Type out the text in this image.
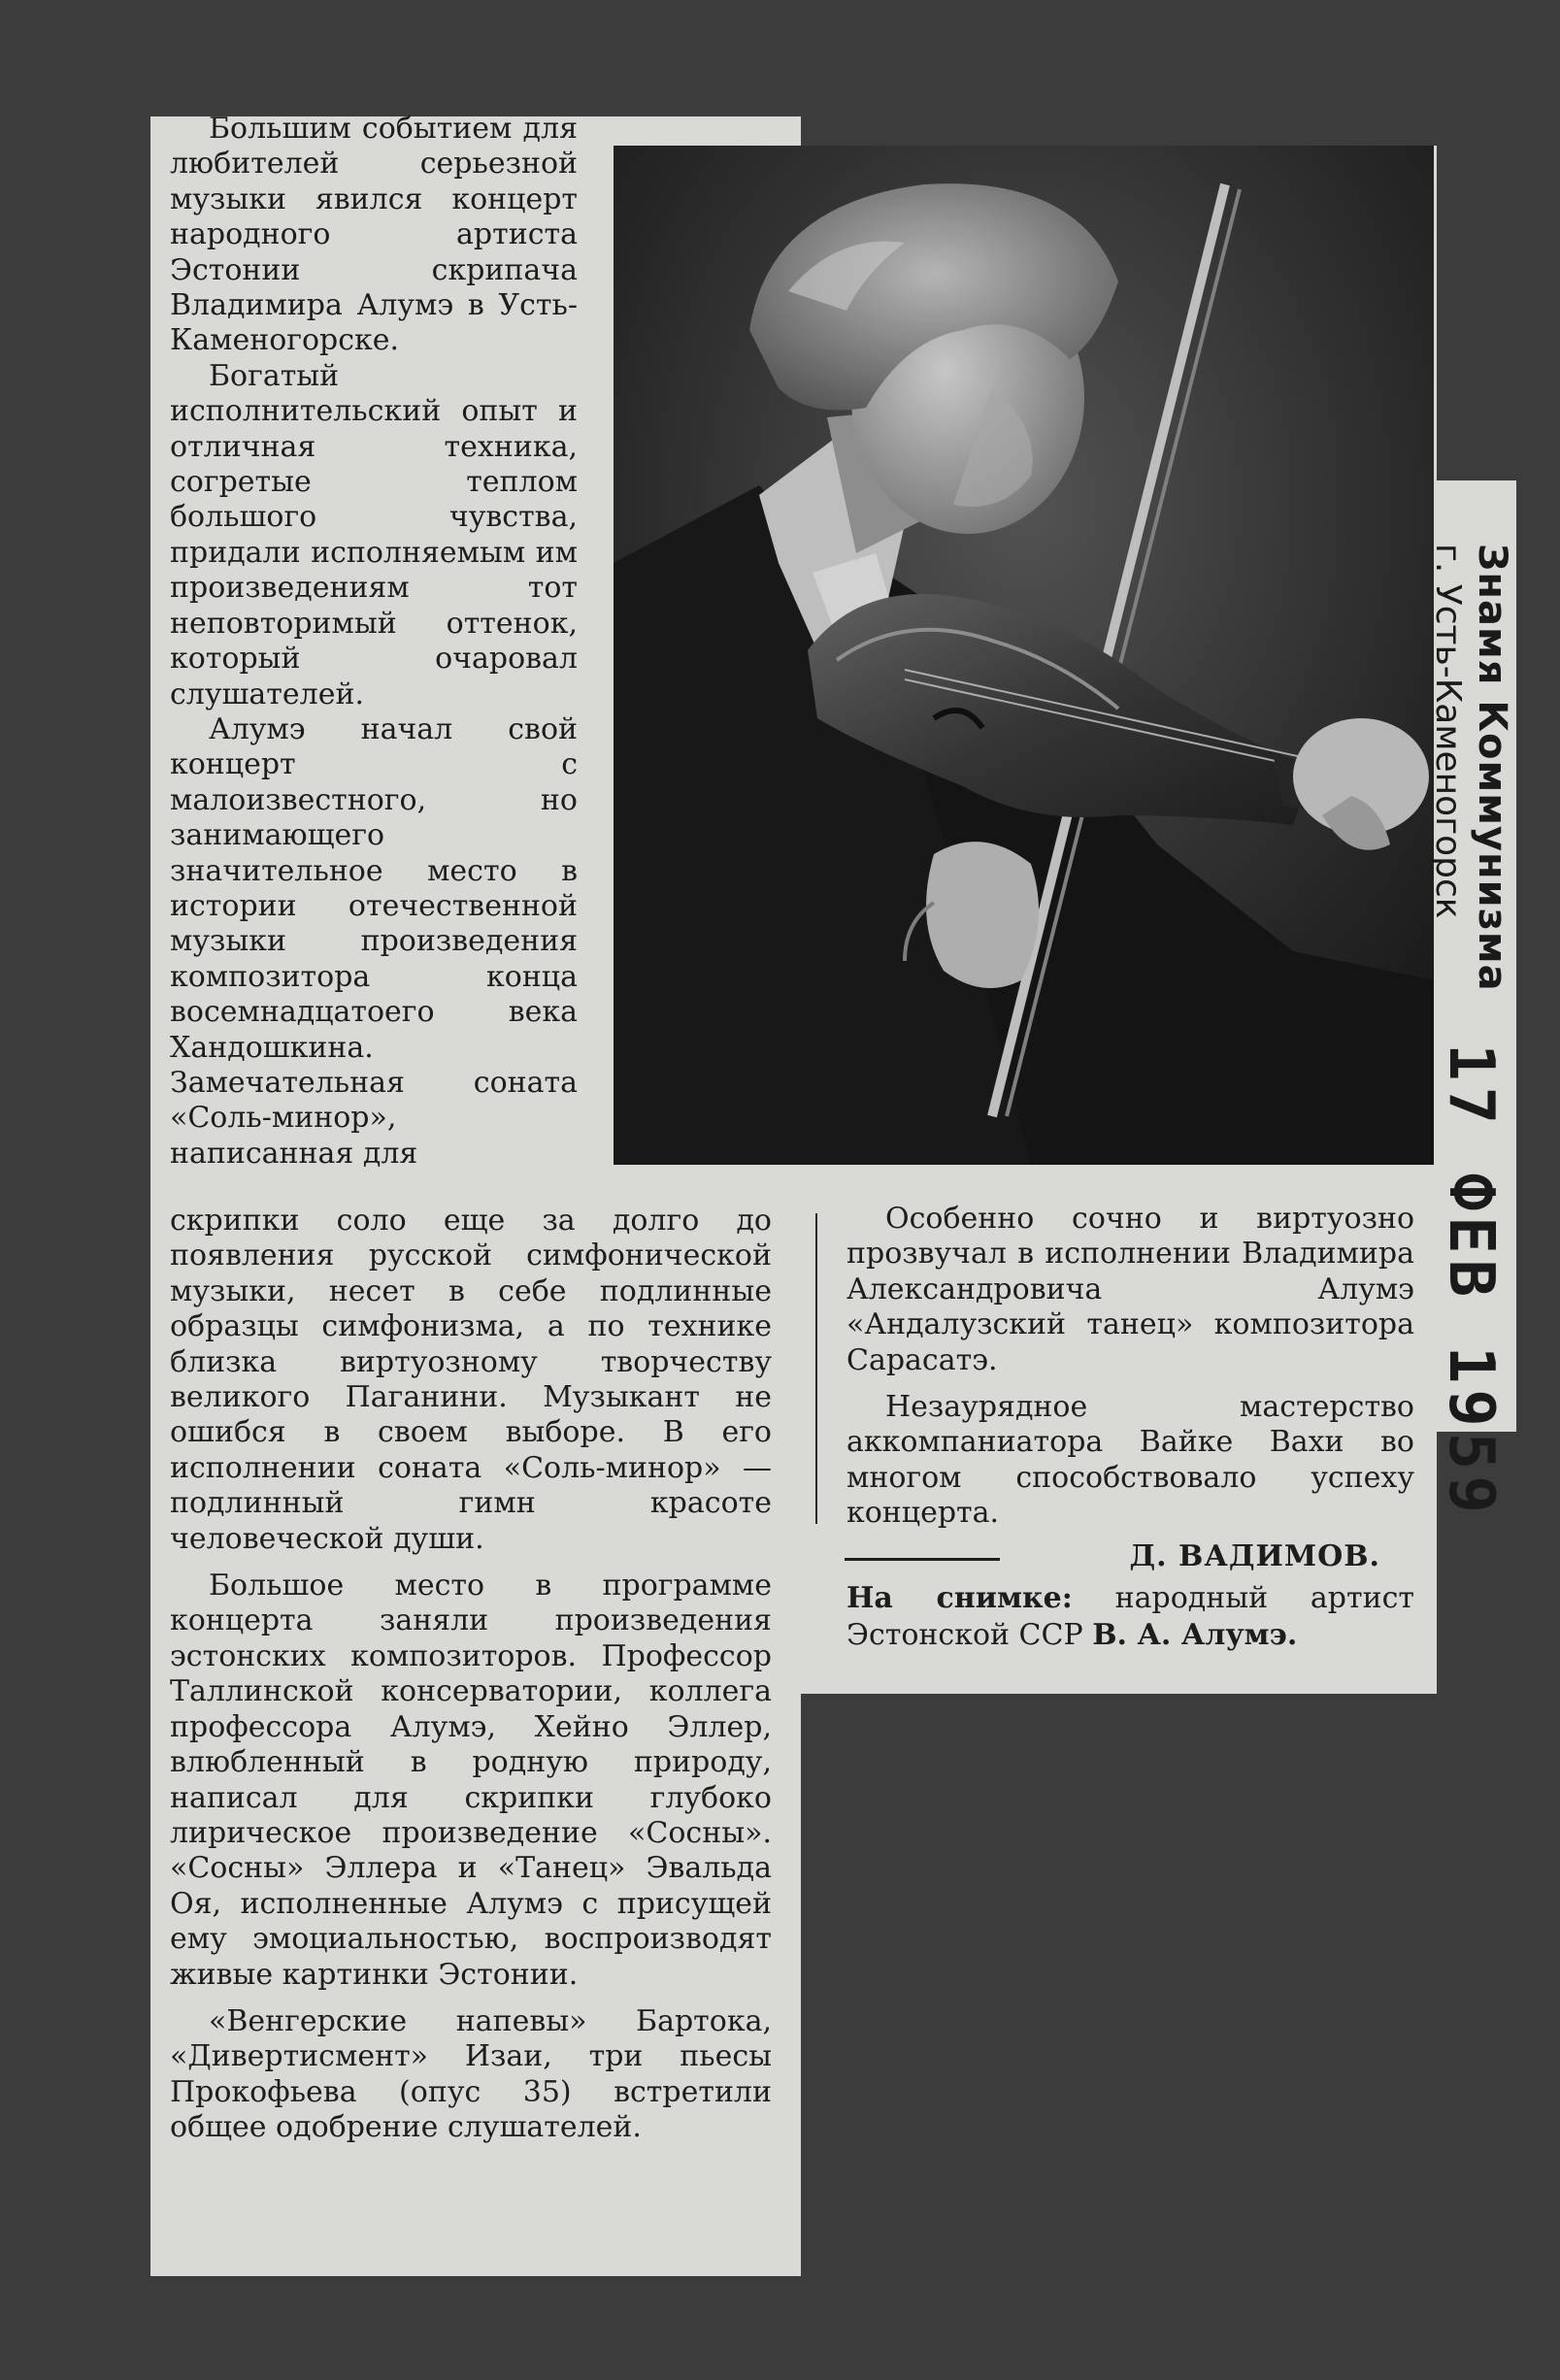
Большим событием для любителей серьезной музыки явился концерт народного артиста Эстонии скрипача Владимира Алумэ в Усть-Каменогорске.

Богатый исполнительский опыт и отличная техника, согретые теплом большого чувства, придали исполняемым им произведениям тот неповторимый оттенок, который очаровал слушателей.

Алумэ начал свой концерт с малоизвестного, но занимающего значительное место в истории отечественной музыки произведения композитора конца восемнадцатоего века Хандошкина. Замечательная соната «Соль-минор», написанная для

скрипки соло еще за долго до появления русской симфонической музыки, несет в себе подлинные образцы симфонизма, а по технике близка виртуозному творчеству великого Паганини. Музыкант не ошибся в своем выборе. В его исполнении соната «Соль-минор» — подлинный гимн красоте человеческой души.

Большое место в программе концерта заняли произведения эстонских композиторов. Профессор Таллинской консерватории, коллега профессора Алумэ, Хейно Эллер, влюбленный в родную природу, написал для скрипки глубоко лирическое произведение «Сосны». «Сосны» Эллера и «Танец» Эвальда Оя, исполненные Алумэ с присущей ему эмоциальностью, воспроизводят живые картинки Эстонии.

«Венгерские напевы» Бартока, «Дивертисмент» Изаи, три пьесы Прокофьева (опус 35) встретили общее одобрение слушателей.

Особенно сочно и виртуозно прозвучал в исполнении Владимира Александровича Алумэ «Андалузский танец» композитора Сарасатэ.

Незаурядное мастерство аккомпаниатора Вайке Вахи во многом способствовало успеху концерта.

Д. ВАДИМОВ.

На снимке: народный артист Эстонской ССР В. А. Алумэ.
Знамя Коммунизма
г. Усть-Каменогорск
17 ФЕВ 1959
